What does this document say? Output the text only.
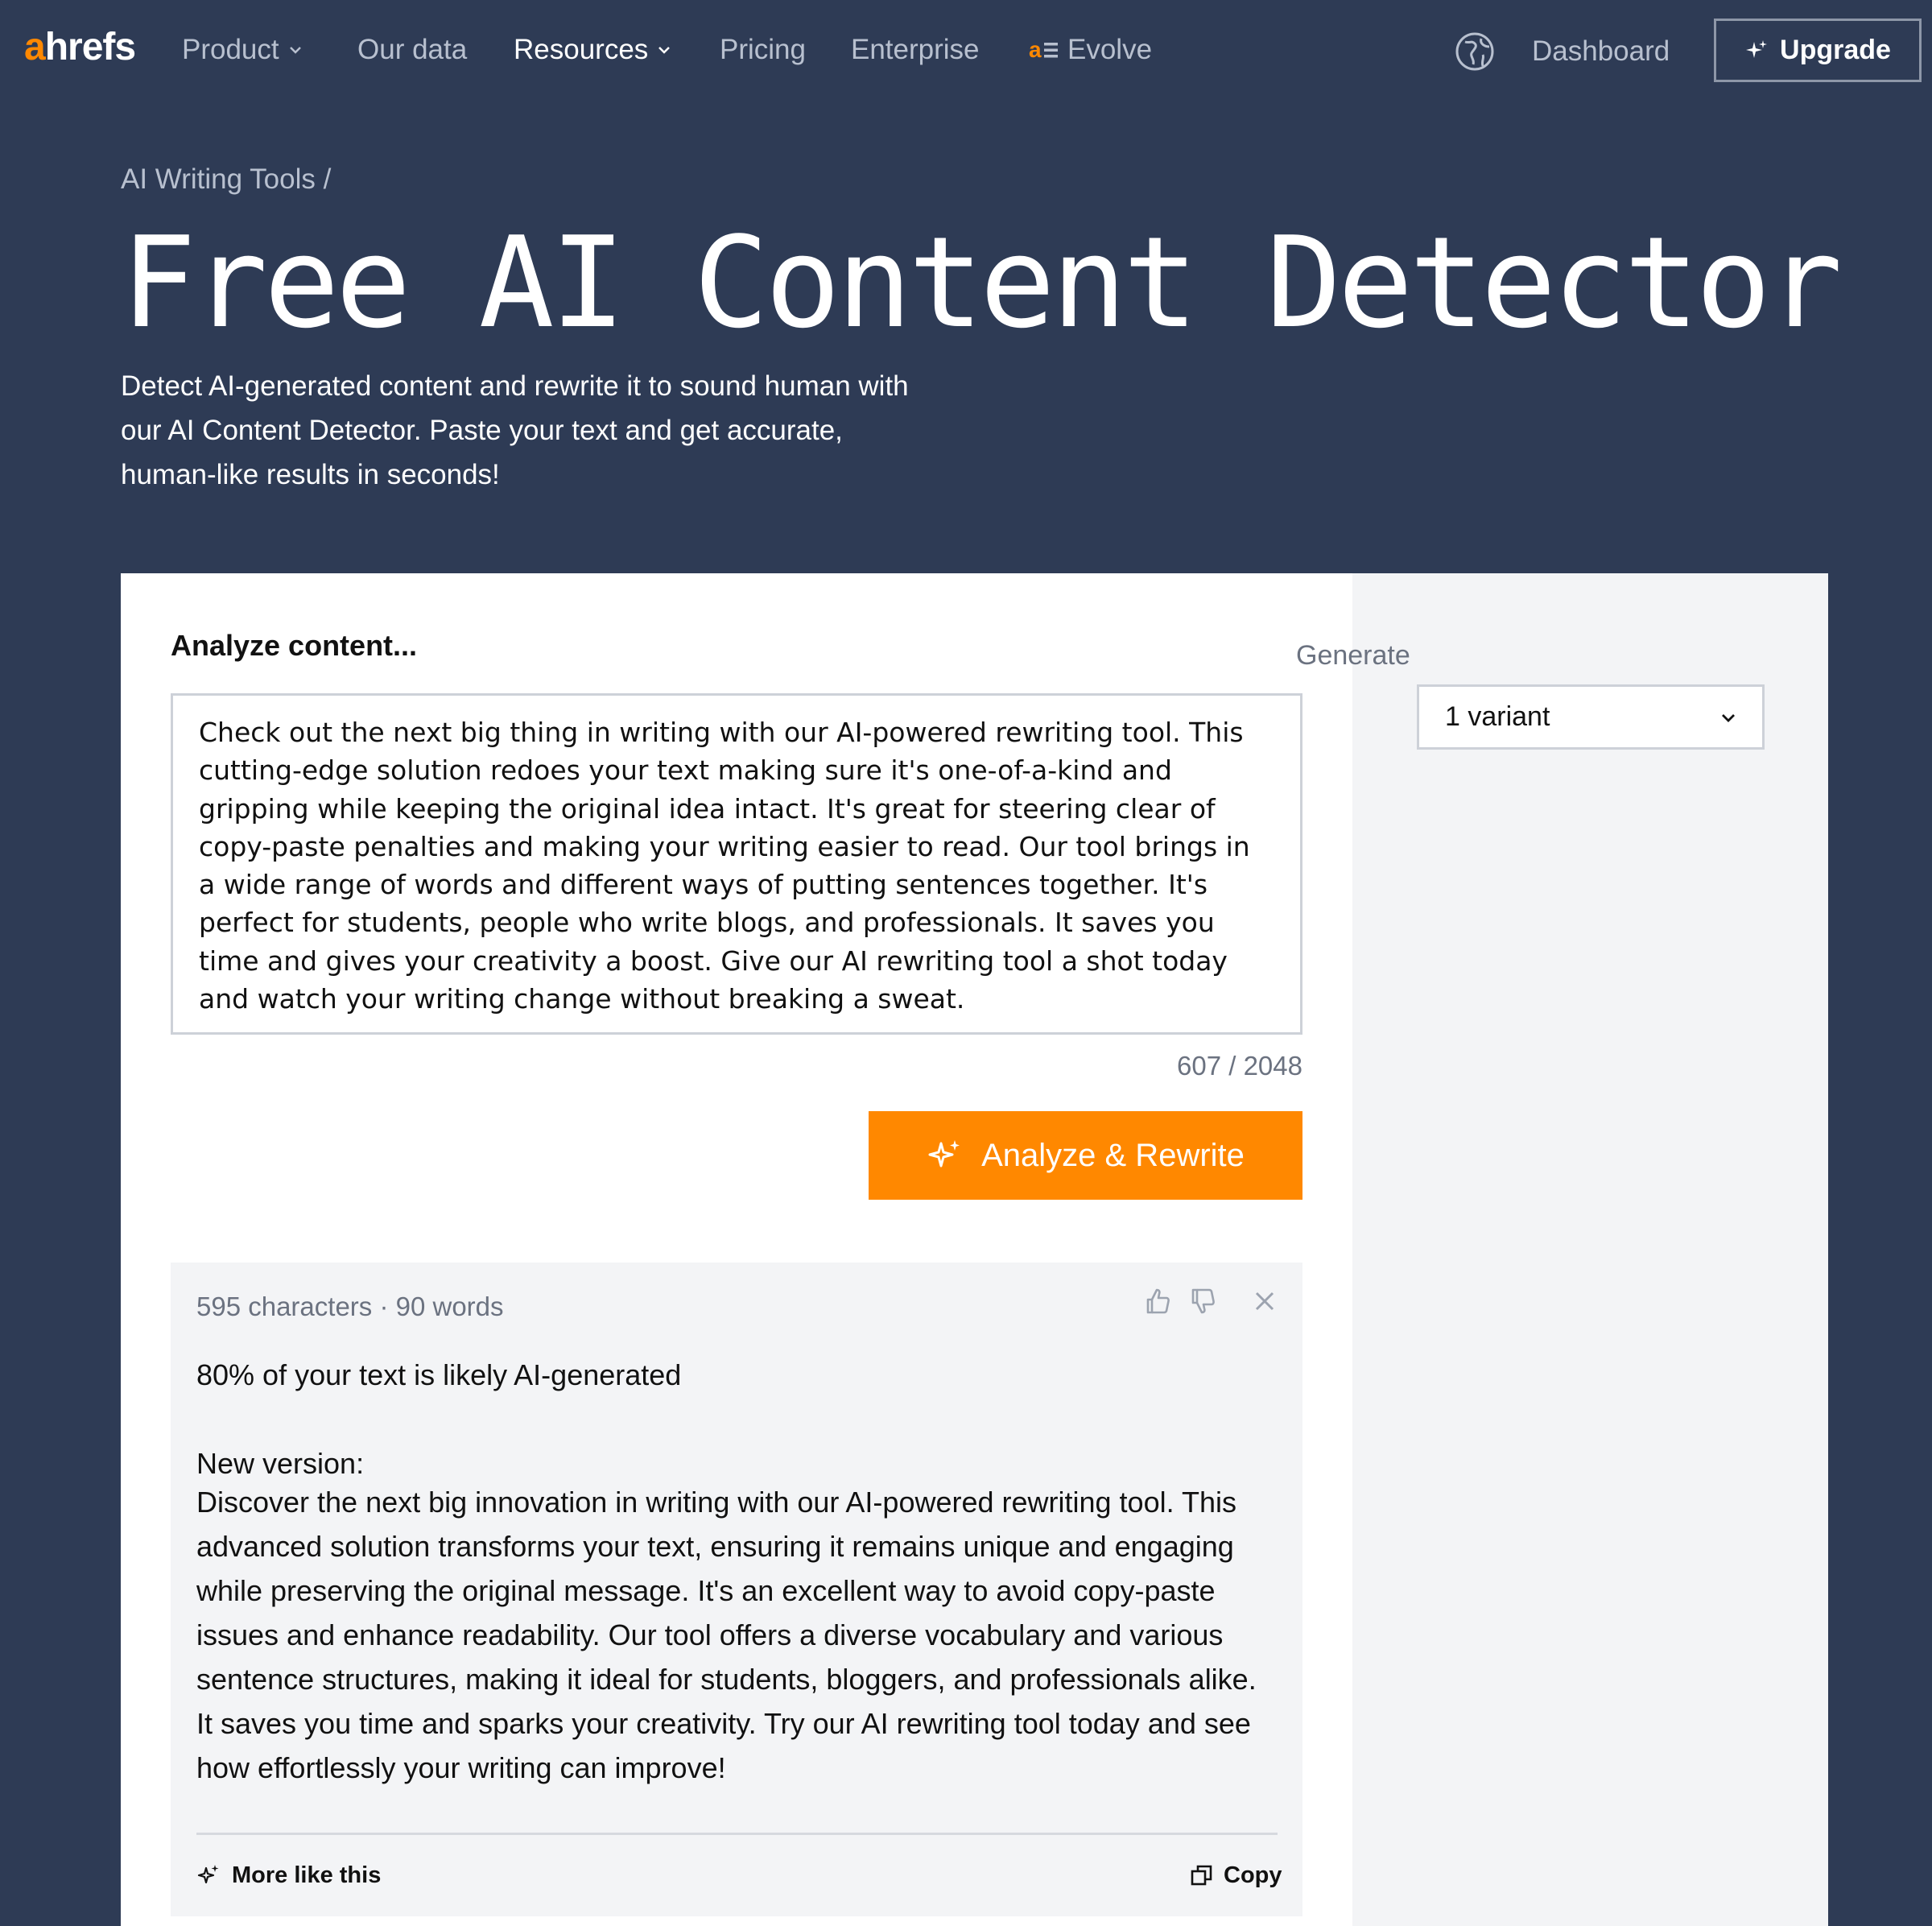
ahrefs Product	Our data Resources	Pricing Enterprise a Evolve	Dashboard	Upgrade
AI Writing Tools /
Free AI Content Detector

Detect AI-generated content and rewrite it to sound human with our AI Content Detector. Paste your text and get accurate, human-like results in seconds!

Generate
1 variant
Analyze content...
Check out the next big thing in writing with our AI-powered rewriting tool. This cutting-edge solution redoes your text making sure it's one-of-a-kind and gripping while keeping the original idea intact. It's great for steering clear of copy-paste penalties and making your writing easier to read. Our tool brings in a wide range of words and different ways of putting sentences together. It's perfect for students, people who write blogs, and professionals. It saves you time and gives your creativity a boost. Give our AI rewriting tool a shot today and watch your writing change without breaking a sweat.
607 / 2048
Analyze & Rewrite
595 characters · 90 words

80% of your text is likely AI-generated

New version:

Discover the next big innovation in writing with our AI-powered rewriting tool. This advanced solution transforms your text, ensuring it remains unique and engaging while preserving the original message. It's an excellent way to avoid copy-paste issues and enhance readability. Our tool offers a diverse vocabulary and various sentence structures, making it ideal for students, bloggers, and professionals alike. It saves you time and sparks your creativity. Try our AI rewriting tool today and see how effortlessly your writing can improve!

More like this	Copy
